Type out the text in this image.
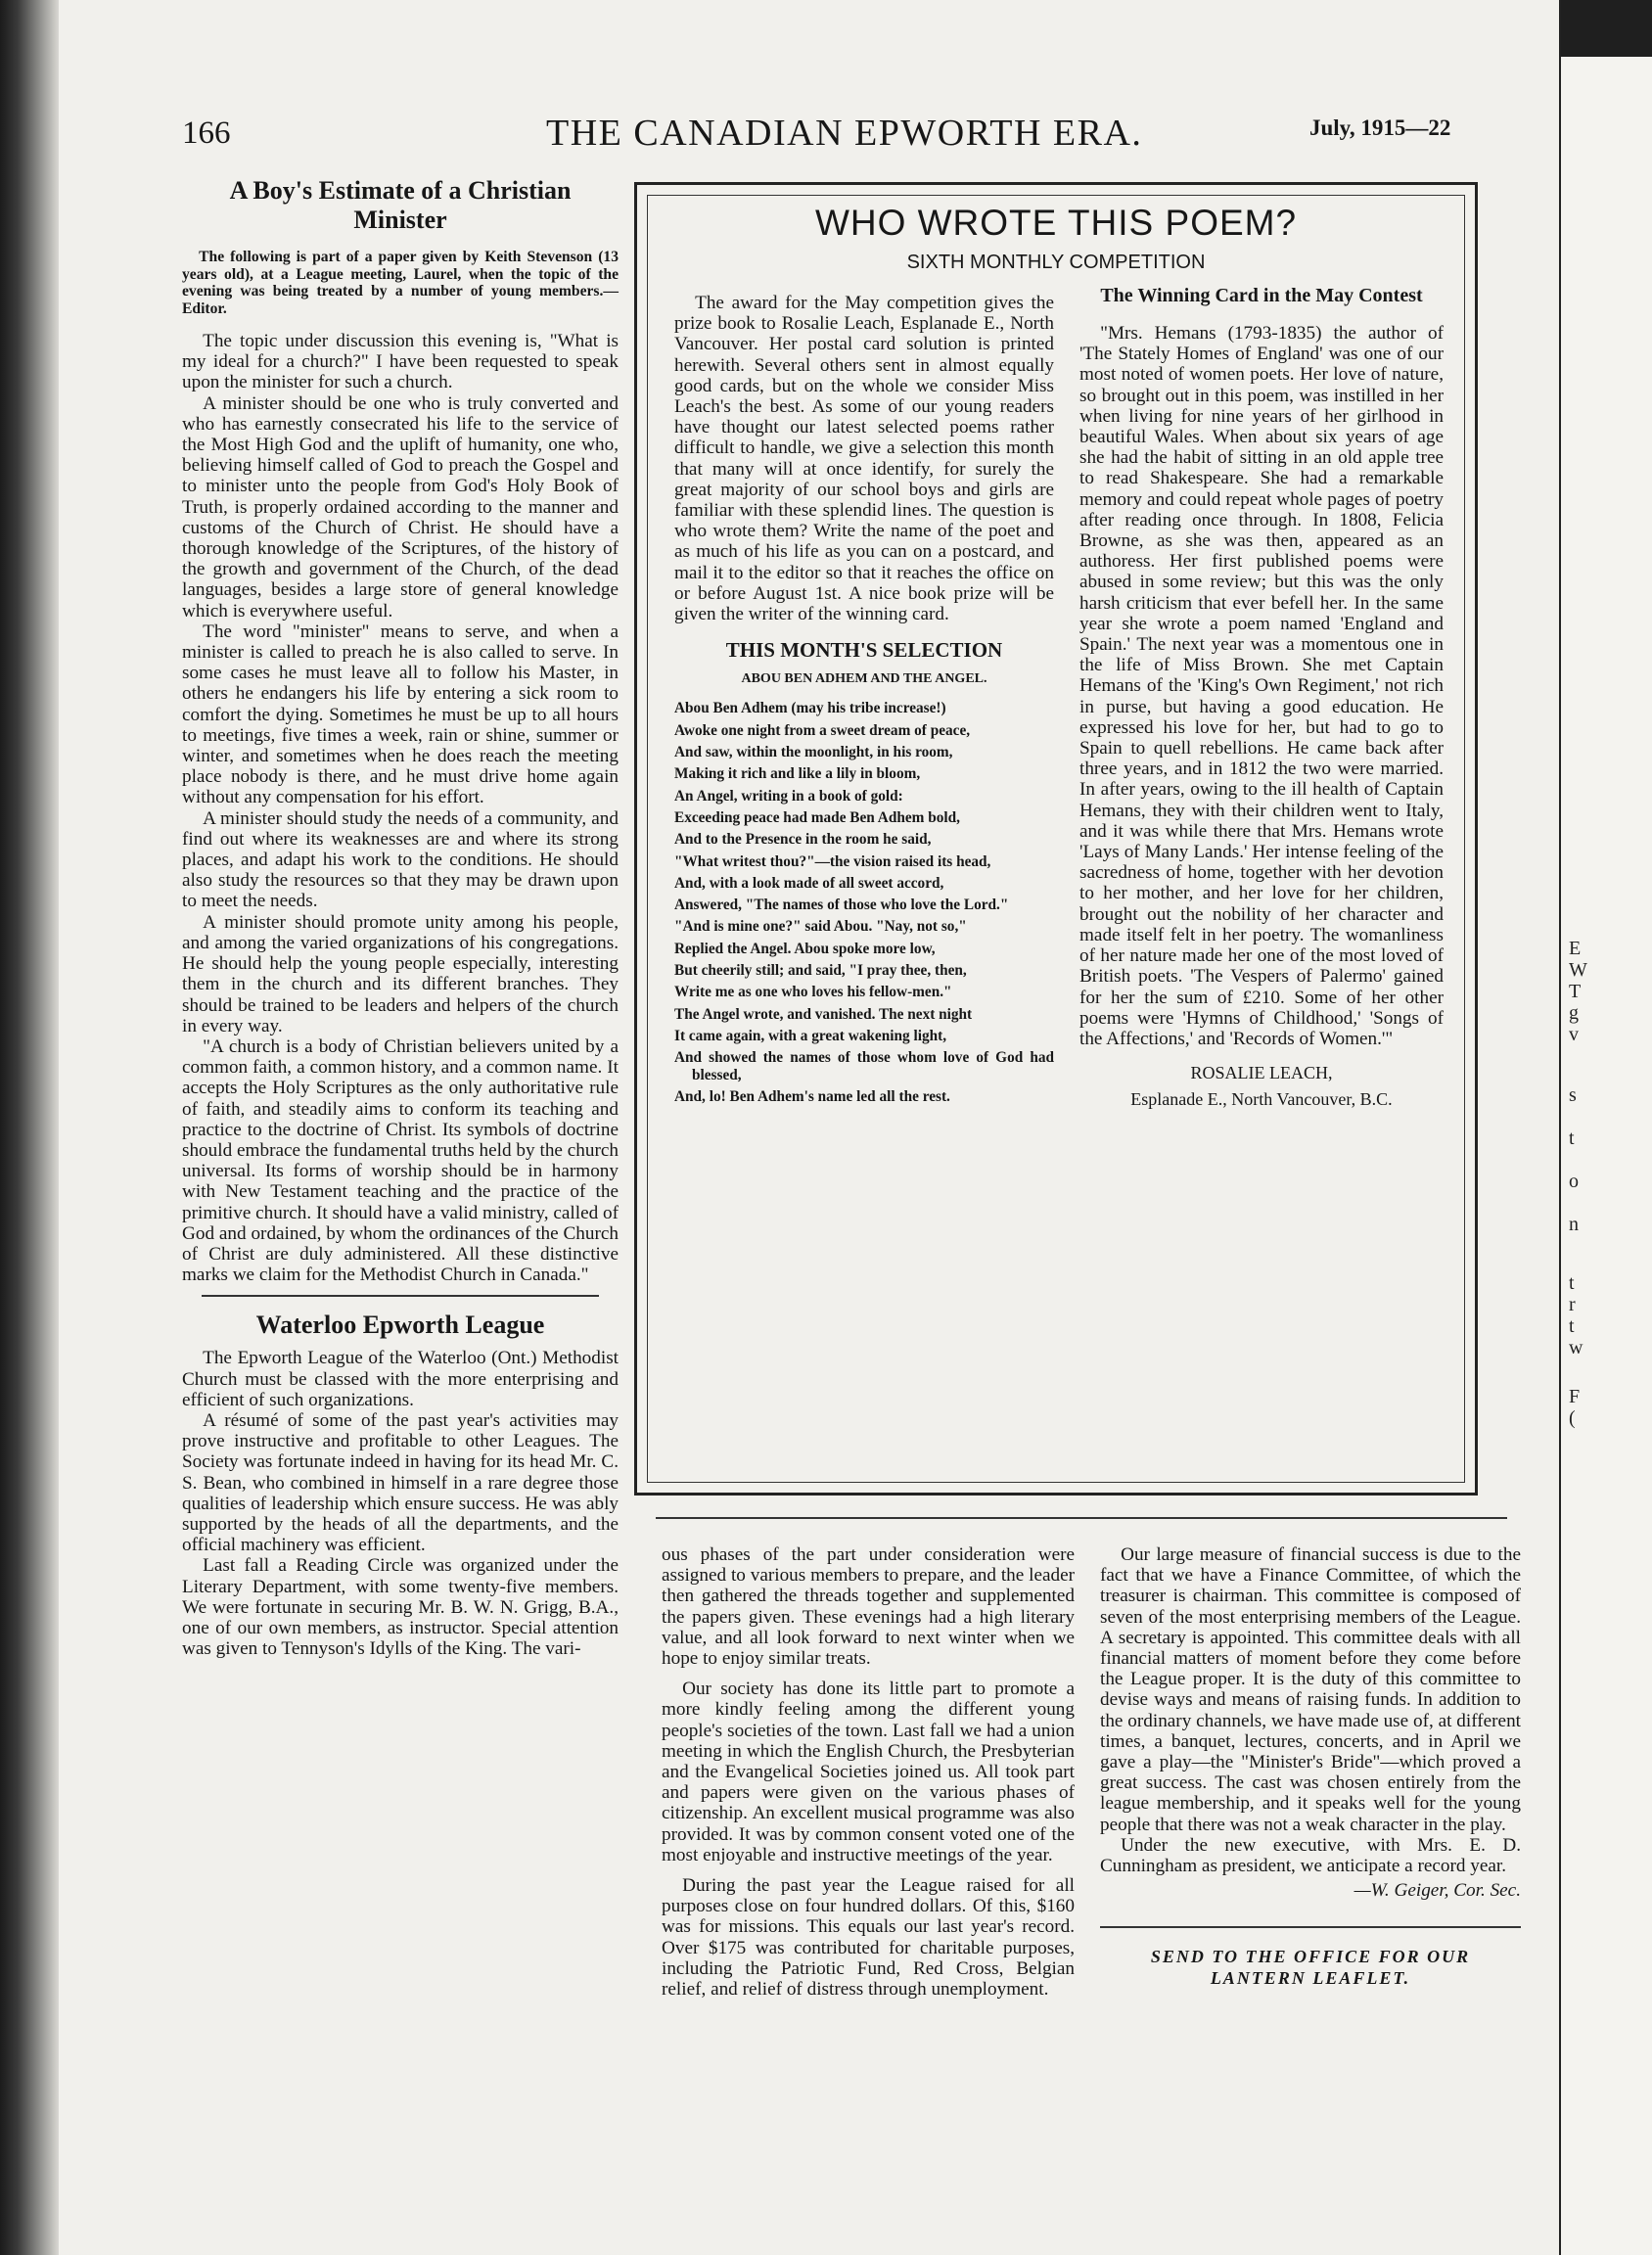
E
W
T
g
v
s
t
o
n
t
r
t
w
F
(
166	THE CANADIAN EPWORTH ERA.	July, 1915—22
A Boy's Estimate of a Christian Minister

The following is part of a paper given by Keith Stevenson (13 years old), at a League meeting, Laurel, when the topic of the evening was being treated by a number of young members.—Editor.

The topic under discussion this evening is, "What is my ideal for a church?" I have been requested to speak upon the minister for such a church.

A minister should be one who is truly converted and who has earnestly consecrated his life to the service of the Most High God and the uplift of humanity, one who, believing himself called of God to preach the Gospel and to minister unto the people from God's Holy Book of Truth, is properly ordained according to the manner and customs of the Church of Christ. He should have a thorough knowledge of the Scriptures, of the history of the growth and government of the Church, of the dead languages, besides a large store of general knowledge which is everywhere useful.

The word "minister" means to serve, and when a minister is called to preach he is also called to serve. In some cases he must leave all to follow his Master, in others he endangers his life by entering a sick room to comfort the dying. Sometimes he must be up to all hours to meetings, five times a week, rain or shine, summer or winter, and sometimes when he does reach the meeting place nobody is there, and he must drive home again without any compensation for his effort.

A minister should study the needs of a community, and find out where its weaknesses are and where its strong places, and adapt his work to the conditions. He should also study the resources so that they may be drawn upon to meet the needs.

A minister should promote unity among his people, and among the varied organizations of his congregations. He should help the young people especially, interesting them in the church and its different branches. They should be trained to be leaders and helpers of the church in every way.

"A church is a body of Christian believers united by a common faith, a common history, and a common name. It accepts the Holy Scriptures as the only authoritative rule of faith, and steadily aims to conform its teaching and practice to the doctrine of Christ. Its symbols of doctrine should embrace the fundamental truths held by the church universal. Its forms of worship should be in harmony with New Testament teaching and the practice of the primitive church. It should have a valid ministry, called of God and ordained, by whom the ordinances of the Church of Christ are duly administered. All these distinctive marks we claim for the Methodist Church in Canada."

Waterloo Epworth League

The Epworth League of the Waterloo (Ont.) Methodist Church must be classed with the more enterprising and efficient of such organizations.

A résumé of some of the past year's activities may prove instructive and profitable to other Leagues. The Society was fortunate indeed in having for its head Mr. C. S. Bean, who combined in himself in a rare degree those qualities of leadership which ensure success. He was ably supported by the heads of all the departments, and the official machinery was efficient.

Last fall a Reading Circle was organized under the Literary Department, with some twenty-five members. We were fortunate in securing Mr. B. W. N. Grigg, B.A., one of our own members, as instructor. Special attention was given to Tennyson's Idylls of the King. The vari-

WHO WROTE THIS POEM?
SIXTH MONTHLY COMPETITION

The award for the May competition gives the prize book to Rosalie Leach, Esplanade E., North Vancouver. Her postal card solution is printed herewith. Several others sent in almost equally good cards, but on the whole we consider Miss Leach's the best. As some of our young readers have thought our latest selected poems rather difficult to handle, we give a selection this month that many will at once identify, for surely the great majority of our school boys and girls are familiar with these splendid lines. The question is who wrote them? Write the name of the poet and as much of his life as you can on a postcard, and mail it to the editor so that it reaches the office on or before August 1st. A nice book prize will be given the writer of the winning card.

THIS MONTH'S SELECTION

ABOU BEN ADHEM AND THE ANGEL.

Abou Ben Adhem (may his tribe increase!)
Awoke one night from a sweet dream of peace,
And saw, within the moonlight, in his room,
Making it rich and like a lily in bloom,
An Angel, writing in a book of gold:
Exceeding peace had made Ben Adhem bold,
And to the Presence in the room he said,
"What writest thou?"—the vision raised its head,
And, with a look made of all sweet accord,
Answered, "The names of those who love the Lord."
"And is mine one?" said Abou. "Nay, not so,"
Replied the Angel. Abou spoke more low,
But cheerily still; and said, "I pray thee, then,
Write me as one who loves his fellow-men."
The Angel wrote, and vanished. The next night
It came again, with a great wakening light,
And showed the names of those whom love of God had blessed,
And, lo! Ben Adhem's name led all the rest.

The Winning Card in the May Contest

"Mrs. Hemans (1793-1835) the author of 'The Stately Homes of England' was one of our most noted of women poets. Her love of nature, so brought out in this poem, was instilled in her when living for nine years of her girlhood in beautiful Wales. When about six years of age she had the habit of sitting in an old apple tree to read Shakespeare. She had a remarkable memory and could repeat whole pages of poetry after reading once through. In 1808, Felicia Browne, as she was then, appeared as an authoress. Her first published poems were abused in some review; but this was the only harsh criticism that ever befell her. In the same year she wrote a poem named 'England and Spain.' The next year was a momentous one in the life of Miss Brown. She met Captain Hemans of the 'King's Own Regiment,' not rich in purse, but having a good education. He expressed his love for her, but had to go to Spain to quell rebellions. He came back after three years, and in 1812 the two were married. In after years, owing to the ill health of Captain Hemans, they with their children went to Italy, and it was while there that Mrs. Hemans wrote 'Lays of Many Lands.' Her intense feeling of the sacredness of home, together with her devotion to her mother, and her love for her children, brought out the nobility of her character and made itself felt in her poetry. The womanliness of her nature made her one of the most loved of British poets. 'The Vespers of Palermo' gained for her the sum of £210. Some of her other poems were 'Hymns of Childhood,' 'Songs of the Affections,' and 'Records of Women.'"

ROSALIE LEACH,

Esplanade E., North Vancouver, B.C.

ous phases of the part under consideration were assigned to various members to prepare, and the leader then gathered the threads together and supplemented the papers given. These evenings had a high literary value, and all look forward to next winter when we hope to enjoy similar treats.

Our society has done its little part to promote a more kindly feeling among the different young people's societies of the town. Last fall we had a union meeting in which the English Church, the Presbyterian and the Evangelical Societies joined us. All took part and papers were given on the various phases of citizenship. An excellent musical programme was also provided. It was by common consent voted one of the most enjoyable and instructive meetings of the year.

During the past year the League raised for all purposes close on four hundred dollars. Of this, $160 was for missions. This equals our last year's record. Over $175 was contributed for charitable purposes, including the Patriotic Fund, Red Cross, Belgian relief, and relief of distress through unemployment.

Our large measure of financial success is due to the fact that we have a Finance Committee, of which the treasurer is chairman. This committee is composed of seven of the most enterprising members of the League. A secretary is appointed. This committee deals with all financial matters of moment before they come before the League proper. It is the duty of this committee to devise ways and means of raising funds. In addition to the ordinary channels, we have made use of, at different times, a banquet, lectures, concerts, and in April we gave a play—the "Minister's Bride"—which proved a great success. The cast was chosen entirely from the league membership, and it speaks well for the young people that there was not a weak character in the play.

Under the new executive, with Mrs. E. D. Cunningham as president, we anticipate a record year.

—W. Geiger, Cor. Sec.

SEND TO THE OFFICE FOR OUR LANTERN LEAFLET.
